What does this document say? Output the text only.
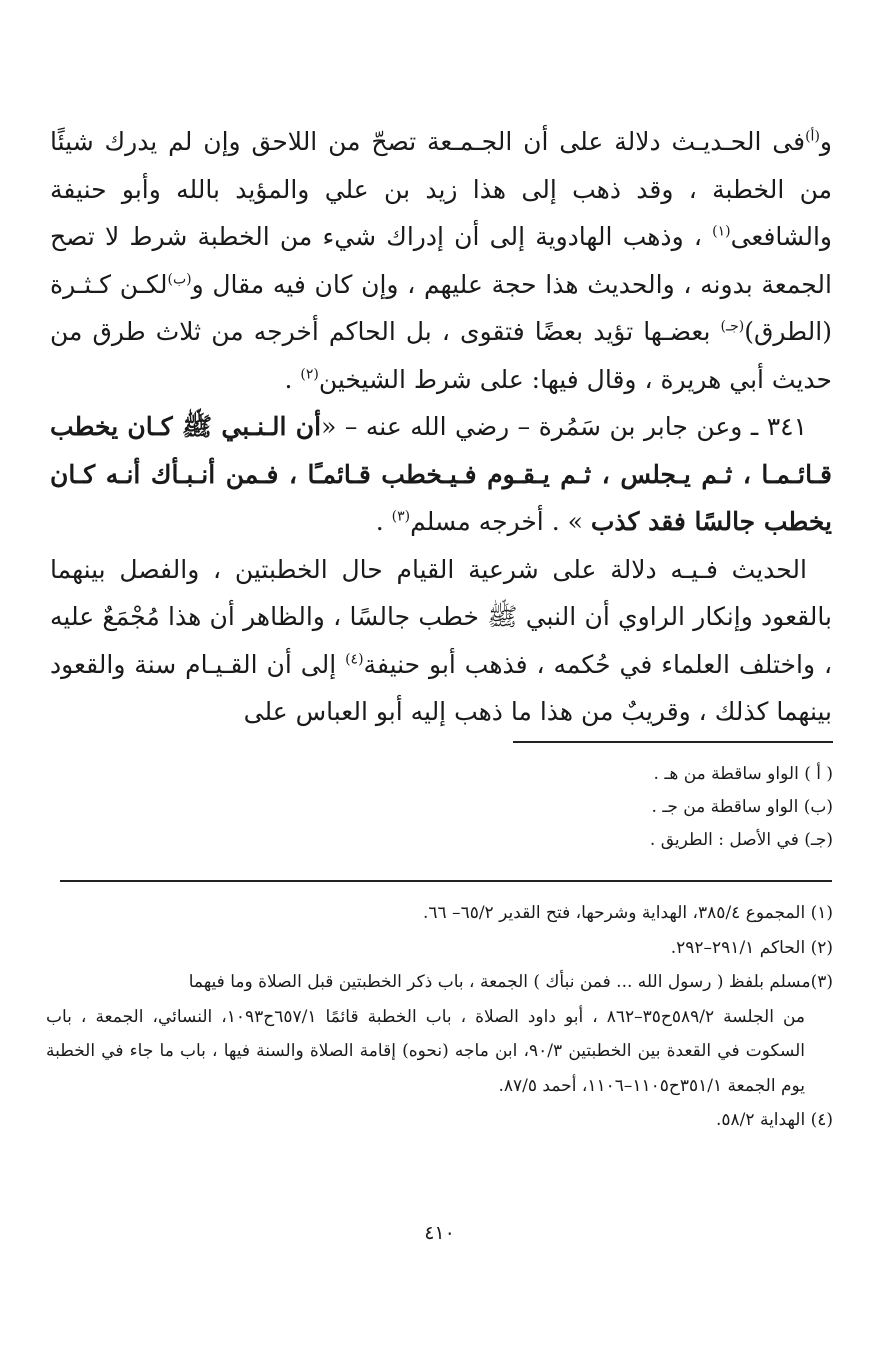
و$^{(أ)}$فى الحـديـث دلالة على أن الجـمـعة تصحّ من اللاحق وإن لم يدرك شيئًا من الخطبة ، وقد ذهب إلى هذا زيد بن علي والمؤيد بالله وأبو حنيفة والشافعى$^{(١)}$ ، وذهب الهادوية إلى أن إدراك شيء من الخطبة شرط لا تصح الجمعة بدونه ، والحديث هذا حجة عليهم ، وإن كان فيه مقال و$^{(ب)}$لكـن كـثـرة (الطرق)$^{(جـ)}$ بعضـها تؤيد بعضًا فتقوى ، بل الحاكم أخرجه من ثلاث طرق من حديث أبي هريرة ، وقال فيها: على شرط الشيخين$^{(٢)}$ .

 ٣٤١ ـ وعن جابر بن سَمُرة – رضي الله عنه – «أن الـنـبي ﷺ كـان يخطب قـائـمـا ، ثـم يـجلس ، ثـم يـقـوم فـيـخطب قـائمـًا ، فـمن أنـبـأك أنـه كـان يخطب جالسًا فقد كذب » . أخرجه مسلم$^{(٣)}$ .

 الحديث فـيـه دلالة على شرعية القيام حال الخطبتين ، والفصل بينهما بالقعود وإنكار الراوي أن النبي ﷺ خطب جالسًا ، والظاهر أن هذا مُجْمَعٌ عليه ، واختلف العلماء في حُكمه ، فذهب أبو حنيفة$^{(٤)}$ إلى أن القـيـام سنة والقعود بينهما كذلك ، وقريبٌ من هذا ما ذهب إليه أبو العباس على

( أ ) الواو ساقطة من هـ .
(ب) الواو ساقطة من جـ .
(جـ) في الأصل : الطريق .
(١) المجموع ٣٨٥/٤، الهداية وشرحها، فتح القدير ٦٥/٢– ٦٦.
(٢) الحاكم ٢٩١/١–٢٩٢.
(٣)مسلم بلفظ ( رسول الله ... فمن نبأك ) الجمعة ، باب ذكر الخطبتين قبل الصلاة وما فيهما
من الجلسة ٥٨٩/٢ح٣٥–٨٦٢ ، أبو داود الصلاة ، باب الخطبة قائمًا ٦٥٧/١ح١٠٩٣، النسائي، الجمعة ، باب السكوت في القعدة بين الخطبتين ٩٠/٣، ابن ماجه (نحوه) إقامة الصلاة والسنة فيها ، باب ما جاء في الخطبة يوم الجمعة ٣٥١/١ح١١٠٥–١١٠٦، أحمد ٨٧/٥.
(٤) الهداية ٥٨/٢.
٤١٠
